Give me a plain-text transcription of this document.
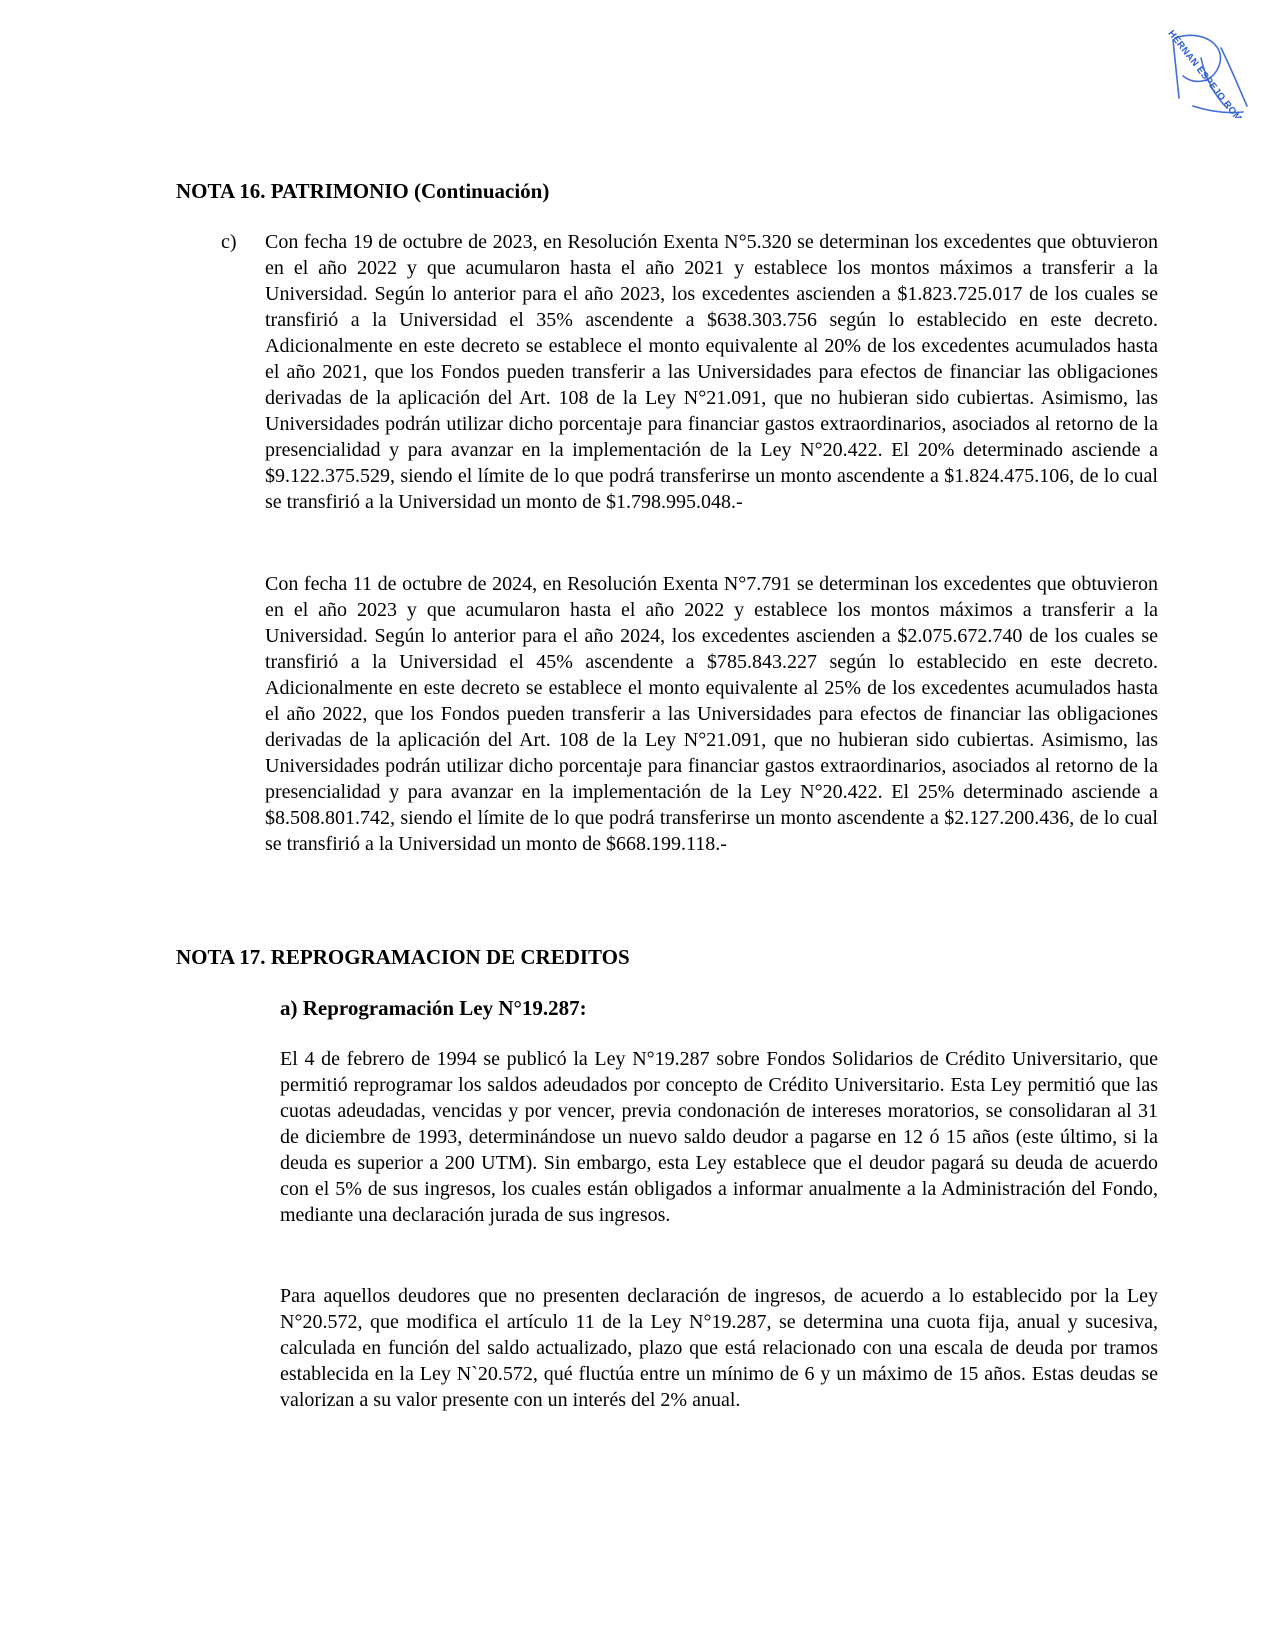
HERNAN ESPEJO ROMERO
NOTA 16. PATRIMONIO (Continuación)
c) Con fecha 19 de octubre de 2023, en Resolución Exenta N°5.320 se determinan los excedentes que obtuvieron en el año 2022 y que acumularon hasta el año 2021 y establece los montos máximos a transferir a la Universidad. Según lo anterior para el año 2023, los excedentes ascienden a $1.823.725.017 de los cuales se transfirió a la Universidad el 35% ascendente a $638.303.756 según lo establecido en este decreto. Adicionalmente en este decreto se establece el monto equivalente al 20% de los excedentes acumulados hasta el año 2021, que los Fondos pueden transferir a las Universidades para efectos de financiar las obligaciones derivadas de la aplicación del Art. 108 de la Ley N°21.091, que no hubieran sido cubiertas. Asimismo, las Universidades podrán utilizar dicho porcentaje para financiar gastos extraordinarios, asociados al retorno de la presencialidad y para avanzar en la implementación de la Ley N°20.422. El 20% determinado asciende a $9.122.375.529, siendo el límite de lo que podrá transferirse un monto ascendente a $1.824.475.106, de lo cual se transfirió a la Universidad un monto de $1.798.995.048.-

Con fecha 11 de octubre de 2024, en Resolución Exenta N°7.791 se determinan los excedentes que obtuvieron en el año 2023 y que acumularon hasta el año 2022 y establece los montos máximos a transferir a la Universidad. Según lo anterior para el año 2024, los excedentes ascienden a $2.075.672.740 de los cuales se transfirió a la Universidad el 45% ascendente a $785.843.227 según lo establecido en este decreto. Adicionalmente en este decreto se establece el monto equivalente al 25% de los excedentes acumulados hasta el año 2022, que los Fondos pueden transferir a las Universidades para efectos de financiar las obligaciones derivadas de la aplicación del Art. 108 de la Ley N°21.091, que no hubieran sido cubiertas. Asimismo, las Universidades podrán utilizar dicho porcentaje para financiar gastos extraordinarios, asociados al retorno de la presencialidad y para avanzar en la implementación de la Ley N°20.422. El 25% determinado asciende a $8.508.801.742, siendo el límite de lo que podrá transferirse un monto ascendente a $2.127.200.436, de lo cual se transfirió a la Universidad un monto de $668.199.118.-

NOTA 17. REPROGRAMACION DE CREDITOS
a) Reprogramación Ley N°19.287:

El 4 de febrero de 1994 se publicó la Ley N°19.287 sobre Fondos Solidarios de Crédito Universitario, que permitió reprogramar los saldos adeudados por concepto de Crédito Universitario. Esta Ley permitió que las cuotas adeudadas, vencidas y por vencer, previa condonación de intereses moratorios, se consolidaran al 31 de diciembre de 1993, determinándose un nuevo saldo deudor a pagarse en 12 ó 15 años (este último, si la deuda es superior a 200 UTM). Sin embargo, esta Ley establece que el deudor pagará su deuda de acuerdo con el 5% de sus ingresos, los cuales están obligados a informar anualmente a la Administración del Fondo, mediante una declaración jurada de sus ingresos.

Para aquellos deudores que no presenten declaración de ingresos, de acuerdo a lo establecido por la Ley N°20.572, que modifica el artículo 11 de la Ley N°19.287, se determina una cuota fija, anual y sucesiva, calculada en función del saldo actualizado, plazo que está relacionado con una escala de deuda por tramos establecida en la Ley N`20.572, qué fluctúa entre un mínimo de 6 y un máximo de 15 años. Estas deudas se valorizan a su valor presente con un interés del 2% anual.
